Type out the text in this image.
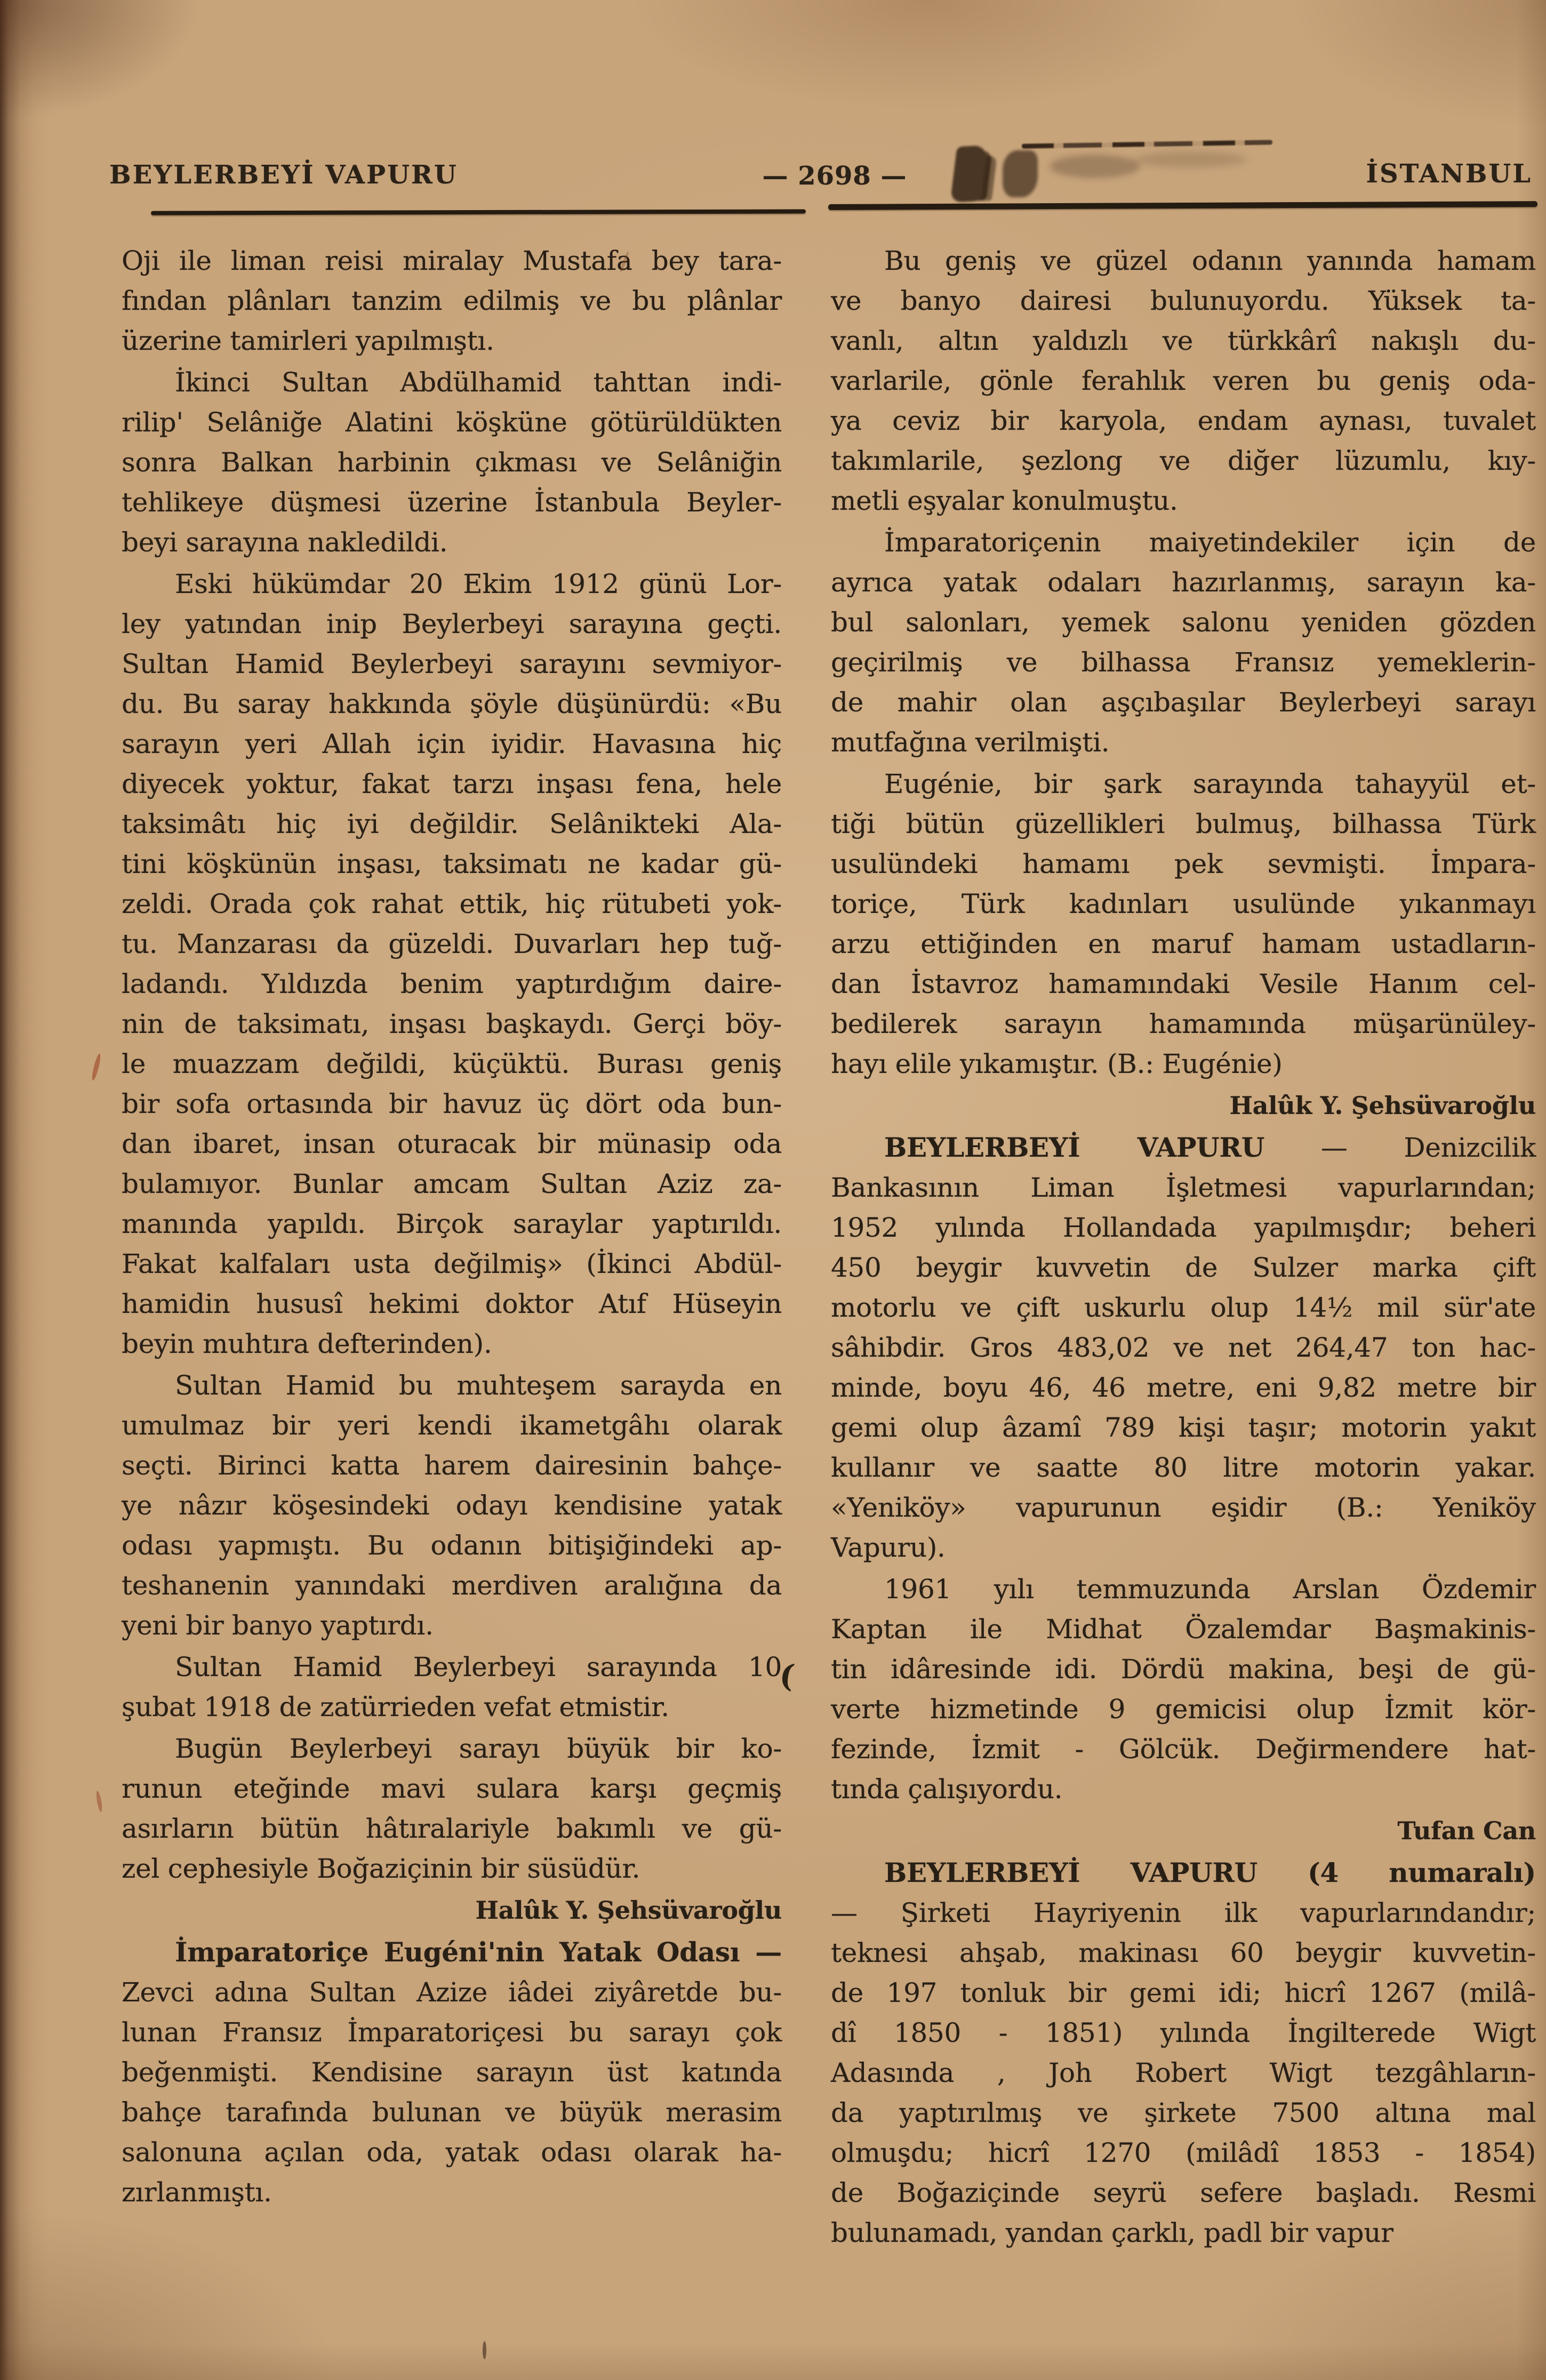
BEYLERBEYİ VAPURU	— 2698 —	İSTANBUL
Oji ile liman reisi miralay Mustafa bey tara-
fından plânları tanzim edilmiş ve bu plânlar
üzerine tamirleri yapılmıştı.
İkinci Sultan Abdülhamid tahttan indi-
rilip' Selâniğe Alatini köşküne götürüldükten
sonra Balkan harbinin çıkması ve Selâniğin
tehlikeye düşmesi üzerine İstanbula Beyler-
beyi sarayına nakledildi.
Eski hükümdar 20 Ekim 1912 günü Lor-
ley yatından inip Beylerbeyi sarayına geçti.
Sultan Hamid Beylerbeyi sarayını sevmiyor-
du. Bu saray hakkında şöyle düşünürdü: «Bu
sarayın yeri Allah için iyidir. Havasına hiç
diyecek yoktur, fakat tarzı inşası fena, hele
taksimâtı hiç iyi değildir. Selânikteki Ala-
tini köşkünün inşası, taksimatı ne kadar gü-
zeldi. Orada çok rahat ettik, hiç rütubeti yok-
tu. Manzarası da güzeldi. Duvarları hep tuğ-
ladandı. Yıldızda benim yaptırdığım daire-
nin de taksimatı, inşası başkaydı. Gerçi böy-
le muazzam değildi, küçüktü. Burası geniş
bir sofa ortasında bir havuz üç dört oda bun-
dan ibaret, insan oturacak bir münasip oda
bulamıyor. Bunlar amcam Sultan Aziz za-
manında yapıldı. Birçok saraylar yaptırıldı.
Fakat kalfaları usta değilmiş» (İkinci Abdül-
hamidin hususî hekimi doktor Atıf Hüseyin
beyin muhtıra defterinden).
Sultan Hamid bu muhteşem sarayda en
umulmaz bir yeri kendi ikametgâhı olarak
seçti. Birinci katta harem dairesinin bahçe-
ye nâzır köşesindeki odayı kendisine yatak
odası yapmıştı. Bu odanın bitişiğindeki ap-
teshanenin yanındaki merdiven aralığına da
yeni bir banyo yaptırdı.
Sultan Hamid Beylerbeyi sarayında 10
şubat 1918 de zatürrieden vefat etmistir.
Bugün Beylerbeyi sarayı büyük bir ko-
runun eteğinde mavi sulara karşı geçmiş
asırların bütün hâtıralariyle bakımlı ve gü-
zel cephesiyle Boğaziçinin bir süsüdür.
Halûk Y. Şehsüvaroğlu
İmparatoriçe Eugéni'nin Yatak Odası —
Zevci adına Sultan Azize iâdei ziyâretde bu-
lunan Fransız İmparatoriçesi bu sarayı çok
beğenmişti. Kendisine sarayın üst katında
bahçe tarafında bulunan ve büyük merasim
salonuna açılan oda, yatak odası olarak ha-
zırlanmıştı.
Bu geniş ve güzel odanın yanında hamam
ve banyo dairesi bulunuyordu. Yüksek ta-
vanlı, altın yaldızlı ve türkkârî nakışlı du-
varlarile, gönle ferahlık veren bu geniş oda-
ya ceviz bir karyola, endam aynası, tuvalet
takımlarile, şezlong ve diğer lüzumlu, kıy-
metli eşyalar konulmuştu.
İmparatoriçenin maiyetindekiler için de
ayrıca yatak odaları hazırlanmış, sarayın ka-
bul salonları, yemek salonu yeniden gözden
geçirilmiş ve bilhassa Fransız yemeklerin-
de mahir olan aşçıbaşılar Beylerbeyi sarayı
mutfağına verilmişti.
Eugénie, bir şark sarayında tahayyül et-
tiği bütün güzellikleri bulmuş, bilhassa Türk
usulündeki hamamı pek sevmişti. İmpara-
toriçe, Türk kadınları usulünde yıkanmayı
arzu ettiğinden en maruf hamam ustadların-
dan İstavroz hamamındaki Vesile Hanım cel-
bedilerek sarayın hamamında müşarünüley-
hayı elile yıkamıştır. (B.: Eugénie)
Halûk Y. Şehsüvaroğlu
BEYLERBEYİ VAPURU — Denizcilik
Bankasının Liman İşletmesi vapurlarından;
1952 yılında Hollandada yapılmışdır; beheri
450 beygir kuvvetin de Sulzer marka çift
motorlu ve çift uskurlu olup 14½ mil sür'ate
sâhibdir. Gros 483,02 ve net 264,47 ton hac-
minde, boyu 46, 46 metre, eni 9,82 metre bir
gemi olup âzamî 789 kişi taşır; motorin yakıt
kullanır ve saatte 80 litre motorin yakar.
«Yeniköy» vapurunun eşidir (B.: Yeniköy
Vapuru).
1961 yılı temmuzunda Arslan Özdemir
Kaptan ile Midhat Özalemdar Başmakinis-
tin idâresinde idi. Dördü makina, beşi de gü-
verte hizmetinde 9 gemicisi olup İzmit kör-
fezinde, İzmit - Gölcük. Değirmendere hat-
tında çalışıyordu.
Tufan Can
BEYLERBEYİ VAPURU (4 numaralı)
— Şirketi Hayriyenin ilk vapurlarındandır;
teknesi ahşab, makinası 60 beygir kuvvetin-
de 197 tonluk bir gemi idi; hicrî 1267 (milâ-
dî 1850 - 1851) yılında İngilterede Wigt
Adasında , Joh Robert Wigt tezgâhların-
da yaptırılmış ve şirkete 7500 altına mal
olmuşdu; hicrî 1270 (milâdî 1853 - 1854)
de Boğaziçinde seyrü sefere başladı. Resmi
bulunamadı, yandan çarklı, padl bir vapur
(
